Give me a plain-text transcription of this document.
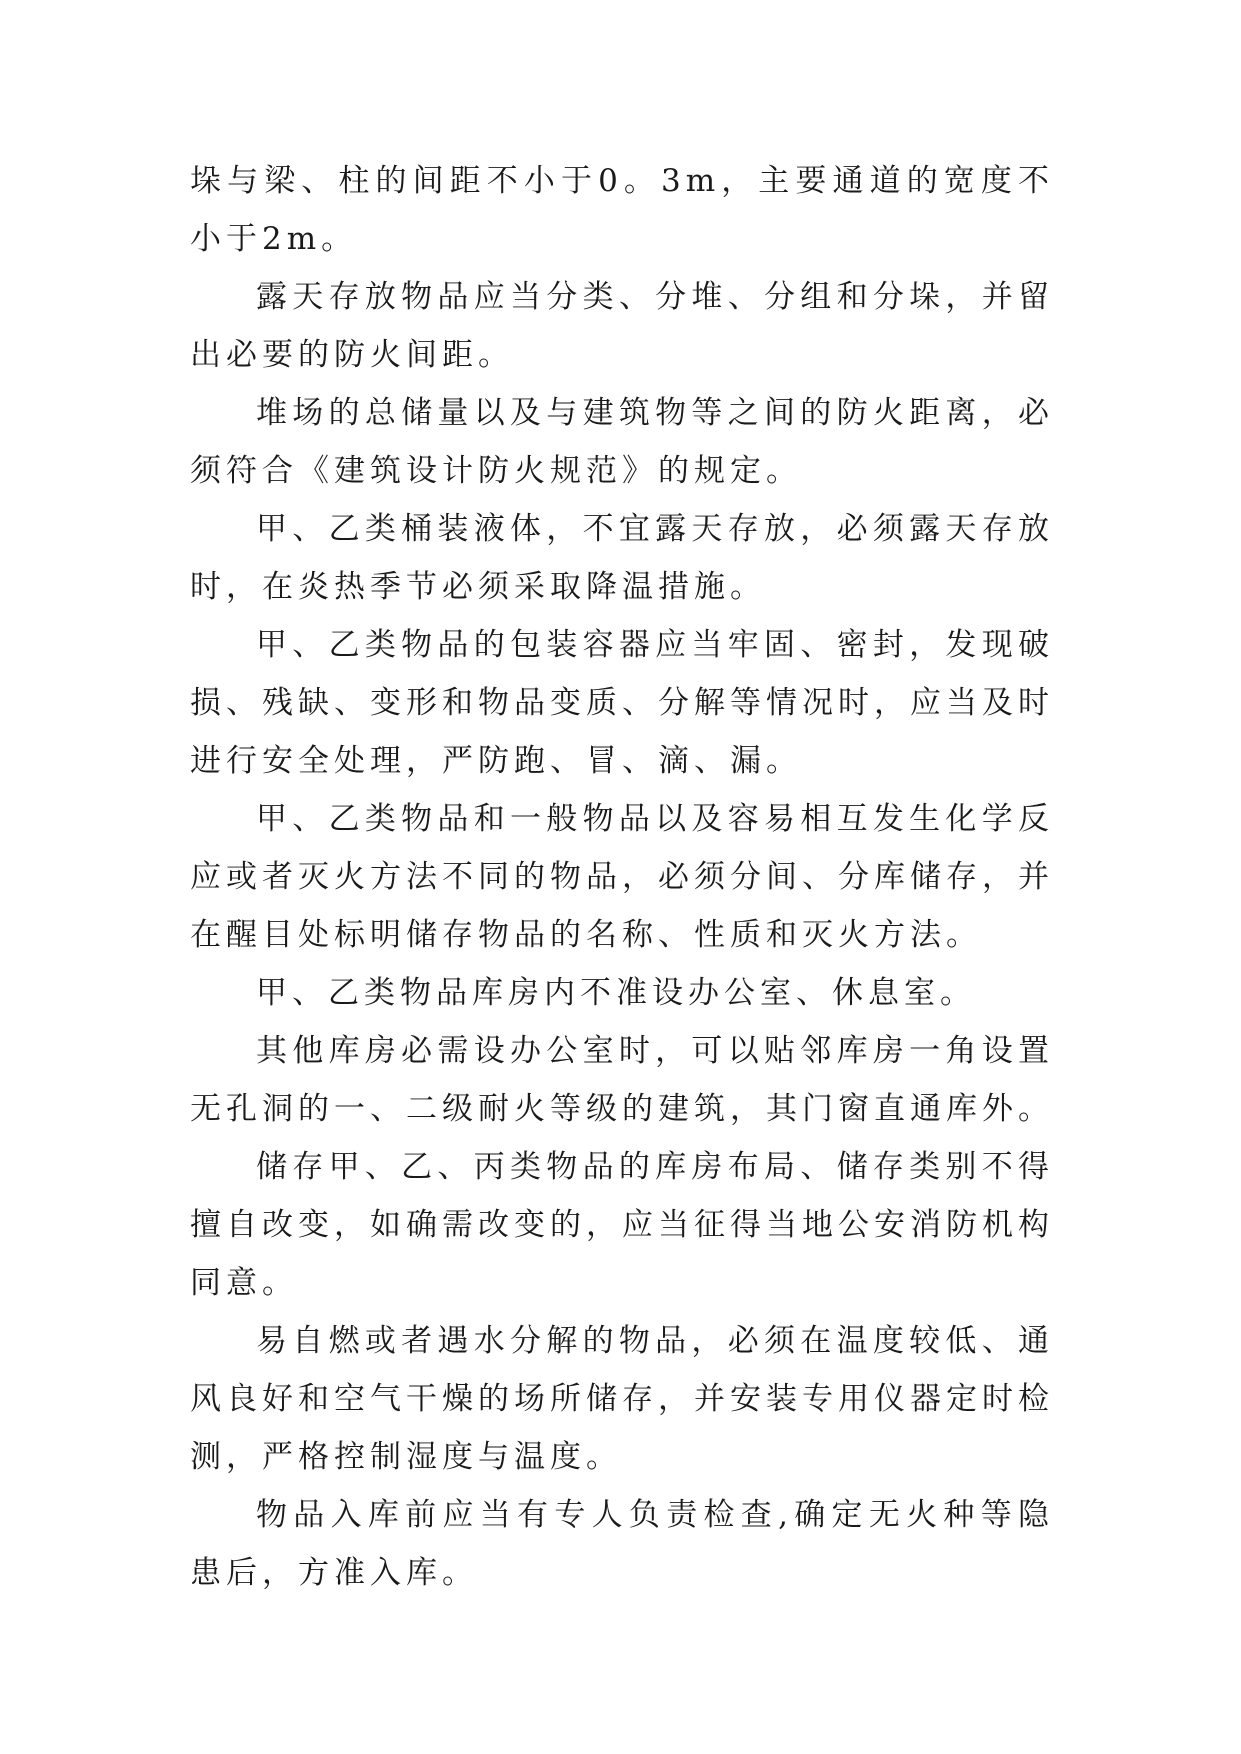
垛与梁、柱的间距不小于0。3m，主要通道的宽度不小于2m。

露天存放物品应当分类、分堆、分组和分垛，并留出必要的防火间距。

堆场的总储量以及与建筑物等之间的防火距离，必须符合《建筑设计防火规范》的规定。

甲、乙类桶装液体，不宜露天存放，必须露天存放时，在炎热季节必须采取降温措施。

甲、乙类物品的包装容器应当牢固、密封，发现破损、残缺、变形和物品变质、分解等情况时，应当及时进行安全处理，严防跑、冒、滴、漏。

甲、乙类物品和一般物品以及容易相互发生化学反应或者灭火方法不同的物品，必须分间、分库储存，并在醒目处标明储存物品的名称、性质和灭火方法。

甲、乙类物品库房内不准设办公室、休息室。

其他库房必需设办公室时，可以贴邻库房一角设置无孔洞的一、二级耐火等级的建筑，其门窗直通库外。

储存甲、乙、丙类物品的库房布局、储存类别不得擅自改变，如确需改变的，应当征得当地公安消防机构同意。

易自燃或者遇水分解的物品，必须在温度较低、通风良好和空气干燥的场所储存，并安装专用仪器定时检测，严格控制湿度与温度。

物品入库前应当有专人负责检查,确定无火种等隐患后，方准入库。
